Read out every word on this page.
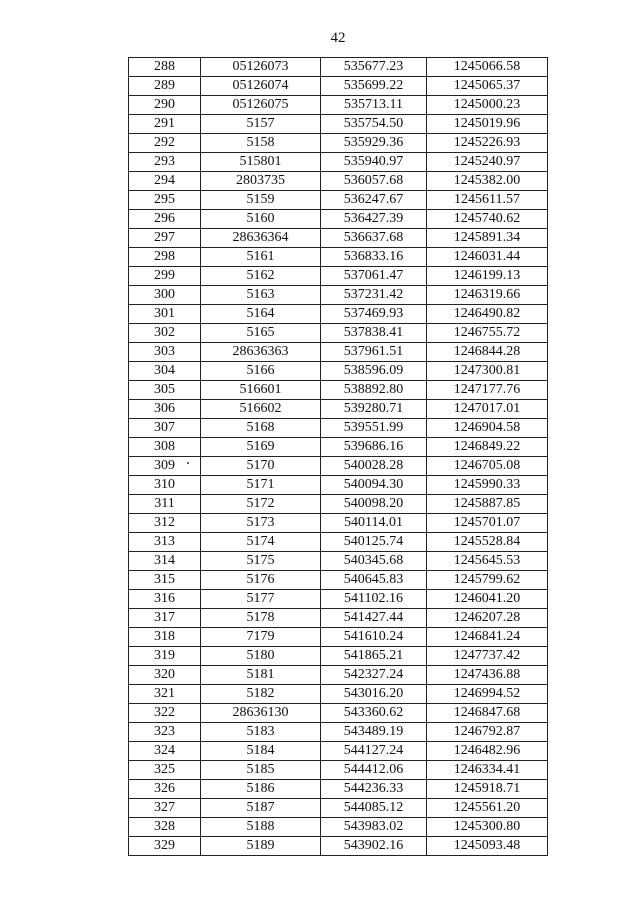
42
288	05126073	535677.23	1245066.58
289	05126074	535699.22	1245065.37
290	05126075	535713.11	1245000.23
291	5157	535754.50	1245019.96
292	5158	535929.36	1245226.93
293	515801	535940.97	1245240.97
294	2803735	536057.68	1245382.00
295	5159	536247.67	1245611.57
296	5160	536427.39	1245740.62
297	28636364	536637.68	1245891.34
298	5161	536833.16	1246031.44
299	5162	537061.47	1246199.13
300	5163	537231.42	1246319.66
301	5164	537469.93	1246490.82
302	5165	537838.41	1246755.72
303	28636363	537961.51	1246844.28
304	5166	538596.09	1247300.81
305	516601	538892.80	1247177.76
306	516602	539280.71	1247017.01
307	5168	539551.99	1246904.58
308	5169	539686.16	1246849.22
309	5170	540028.28	1246705.08
310	5171	540094.30	1245990.33
311	5172	540098.20	1245887.85
312	5173	540114.01	1245701.07
313	5174	540125.74	1245528.84
314	5175	540345.68	1245645.53
315	5176	540645.83	1245799.62
316	5177	541102.16	1246041.20
317	5178	541427.44	1246207.28
318	7179	541610.24	1246841.24
319	5180	541865.21	1247737.42
320	5181	542327.24	1247436.88
321	5182	543016.20	1246994.52
322	28636130	543360.62	1246847.68
323	5183	543489.19	1246792.87
324	5184	544127.24	1246482.96
325	5185	544412.06	1246334.41
326	5186	544236.33	1245918.71
327	5187	544085.12	1245561.20
328	5188	543983.02	1245300.80
329	5189	543902.16	1245093.48
